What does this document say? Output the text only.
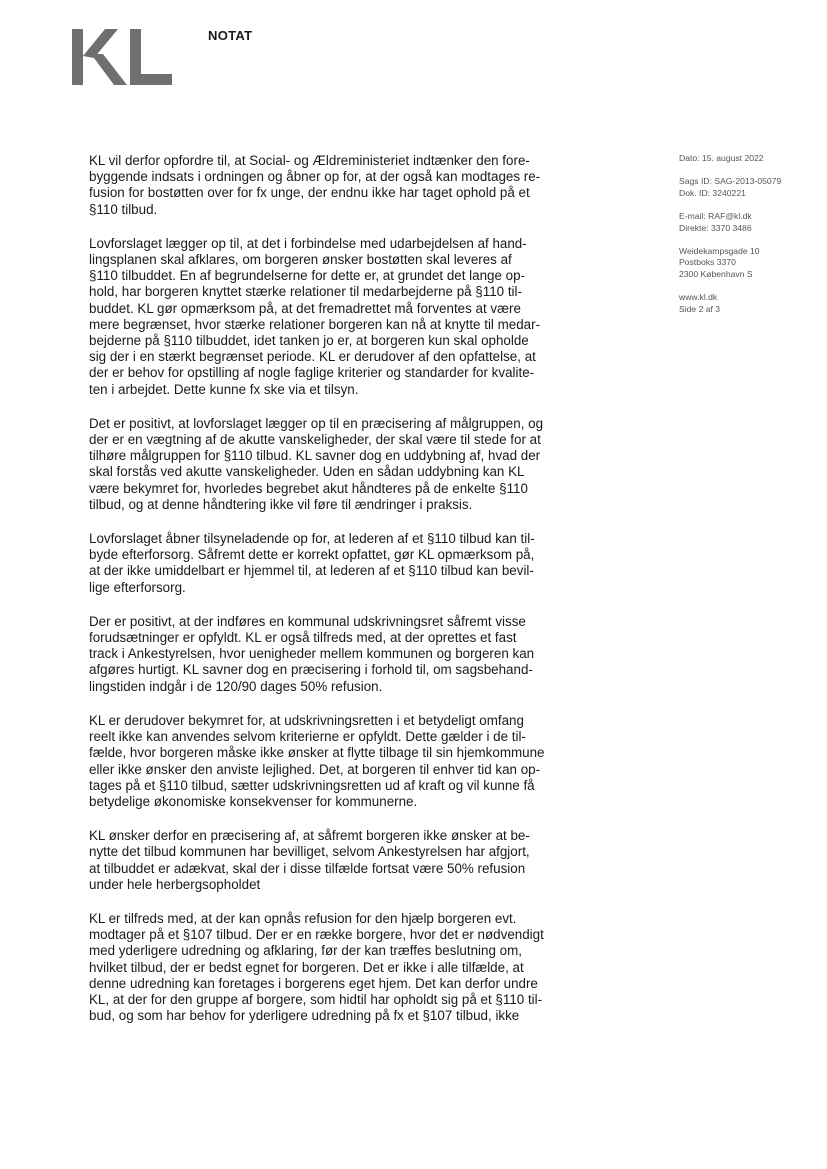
NOTAT

KL vil derfor opfordre til, at Social- og Ældreministeriet indtænker den fore-
byggende indsats i ordningen og åbner op for, at der også kan modtages re-
fusion for bostøtten over for fx unge, der endnu ikke har taget ophold på et
§110 tilbud.

Lovforslaget lægger op til, at det i forbindelse med udarbejdelsen af hand-
lingsplanen skal afklares, om borgeren ønsker bostøtten skal leveres af
§110 tilbuddet. En af begrundelserne for dette er, at grundet det lange op-
hold, har borgeren knyttet stærke relationer til medarbejderne på §110 til-
buddet. KL gør opmærksom på, at det fremadrettet må forventes at være
mere begrænset, hvor stærke relationer borgeren kan nå at knytte til medar-
bejderne på §110 tilbuddet, idet tanken jo er, at borgeren kun skal opholde
sig der i en stærkt begrænset periode. KL er derudover af den opfattelse, at
der er behov for opstilling af nogle faglige kriterier og standarder for kvalite-
ten i arbejdet. Dette kunne fx ske via et tilsyn.

Det er positivt, at lovforslaget lægger op til en præcisering af målgruppen, og
der er en vægtning af de akutte vanskeligheder, der skal være til stede for at
tilhøre målgruppen for §110 tilbud. KL savner dog en uddybning af, hvad der
skal forstås ved akutte vanskeligheder. Uden en sådan uddybning kan KL
være bekymret for, hvorledes begrebet akut håndteres på de enkelte §110
tilbud, og at denne håndtering ikke vil føre til ændringer i praksis.

Lovforslaget åbner tilsyneladende op for, at lederen af et §110 tilbud kan til-
byde efterforsorg. Såfremt dette er korrekt opfattet, gør KL opmærksom på,
at der ikke umiddelbart er hjemmel til, at lederen af et §110 tilbud kan bevil-
lige efterforsorg.

Der er positivt, at der indføres en kommunal udskrivningsret såfremt visse
forudsætninger er opfyldt. KL er også tilfreds med, at der oprettes et fast
track i Ankestyrelsen, hvor uenigheder mellem kommunen og borgeren kan
afgøres hurtigt. KL savner dog en præcisering i forhold til, om sagsbehand-
lingstiden indgår i de 120/90 dages 50% refusion.

KL er derudover bekymret for, at udskrivningsretten i et betydeligt omfang
reelt ikke kan anvendes selvom kriterierne er opfyldt. Dette gælder i de til-
fælde, hvor borgeren måske ikke ønsker at flytte tilbage til sin hjemkommune
eller ikke ønsker den anviste lejlighed. Det, at borgeren til enhver tid kan op-
tages på et §110 tilbud, sætter udskrivningsretten ud af kraft og vil kunne få
betydelige økonomiske konsekvenser for kommunerne.

KL ønsker derfor en præcisering af, at såfremt borgeren ikke ønsker at be-
nytte det tilbud kommunen har bevilliget, selvom Ankestyrelsen har afgjort,
at tilbuddet er adækvat, skal der i disse tilfælde fortsat være 50% refusion
under hele herbergsopholdet

KL er tilfreds med, at der kan opnås refusion for den hjælp borgeren evt.
modtager på et §107 tilbud. Der er en række borgere, hvor det er nødvendigt
med yderligere udredning og afklaring, før der kan træffes beslutning om,
hvilket tilbud, der er bedst egnet for borgeren. Det er ikke i alle tilfælde, at
denne udredning kan foretages i borgerens eget hjem. Det kan derfor undre
KL, at der for den gruppe af borgere, som hidtil har opholdt sig på et §110 til-
bud, og som har behov for yderligere udredning på fx et §107 tilbud, ikke

Dato: 15. august 2022
Sags ID: SAG-2013-05079
Dok. ID: 3240221
E-mail: RAF@kl.dk
Direkte: 3370 3486
Weidekampsgade 10
Postboks 3370
2300 København S
www.kl.dk
Side 2 af 3
